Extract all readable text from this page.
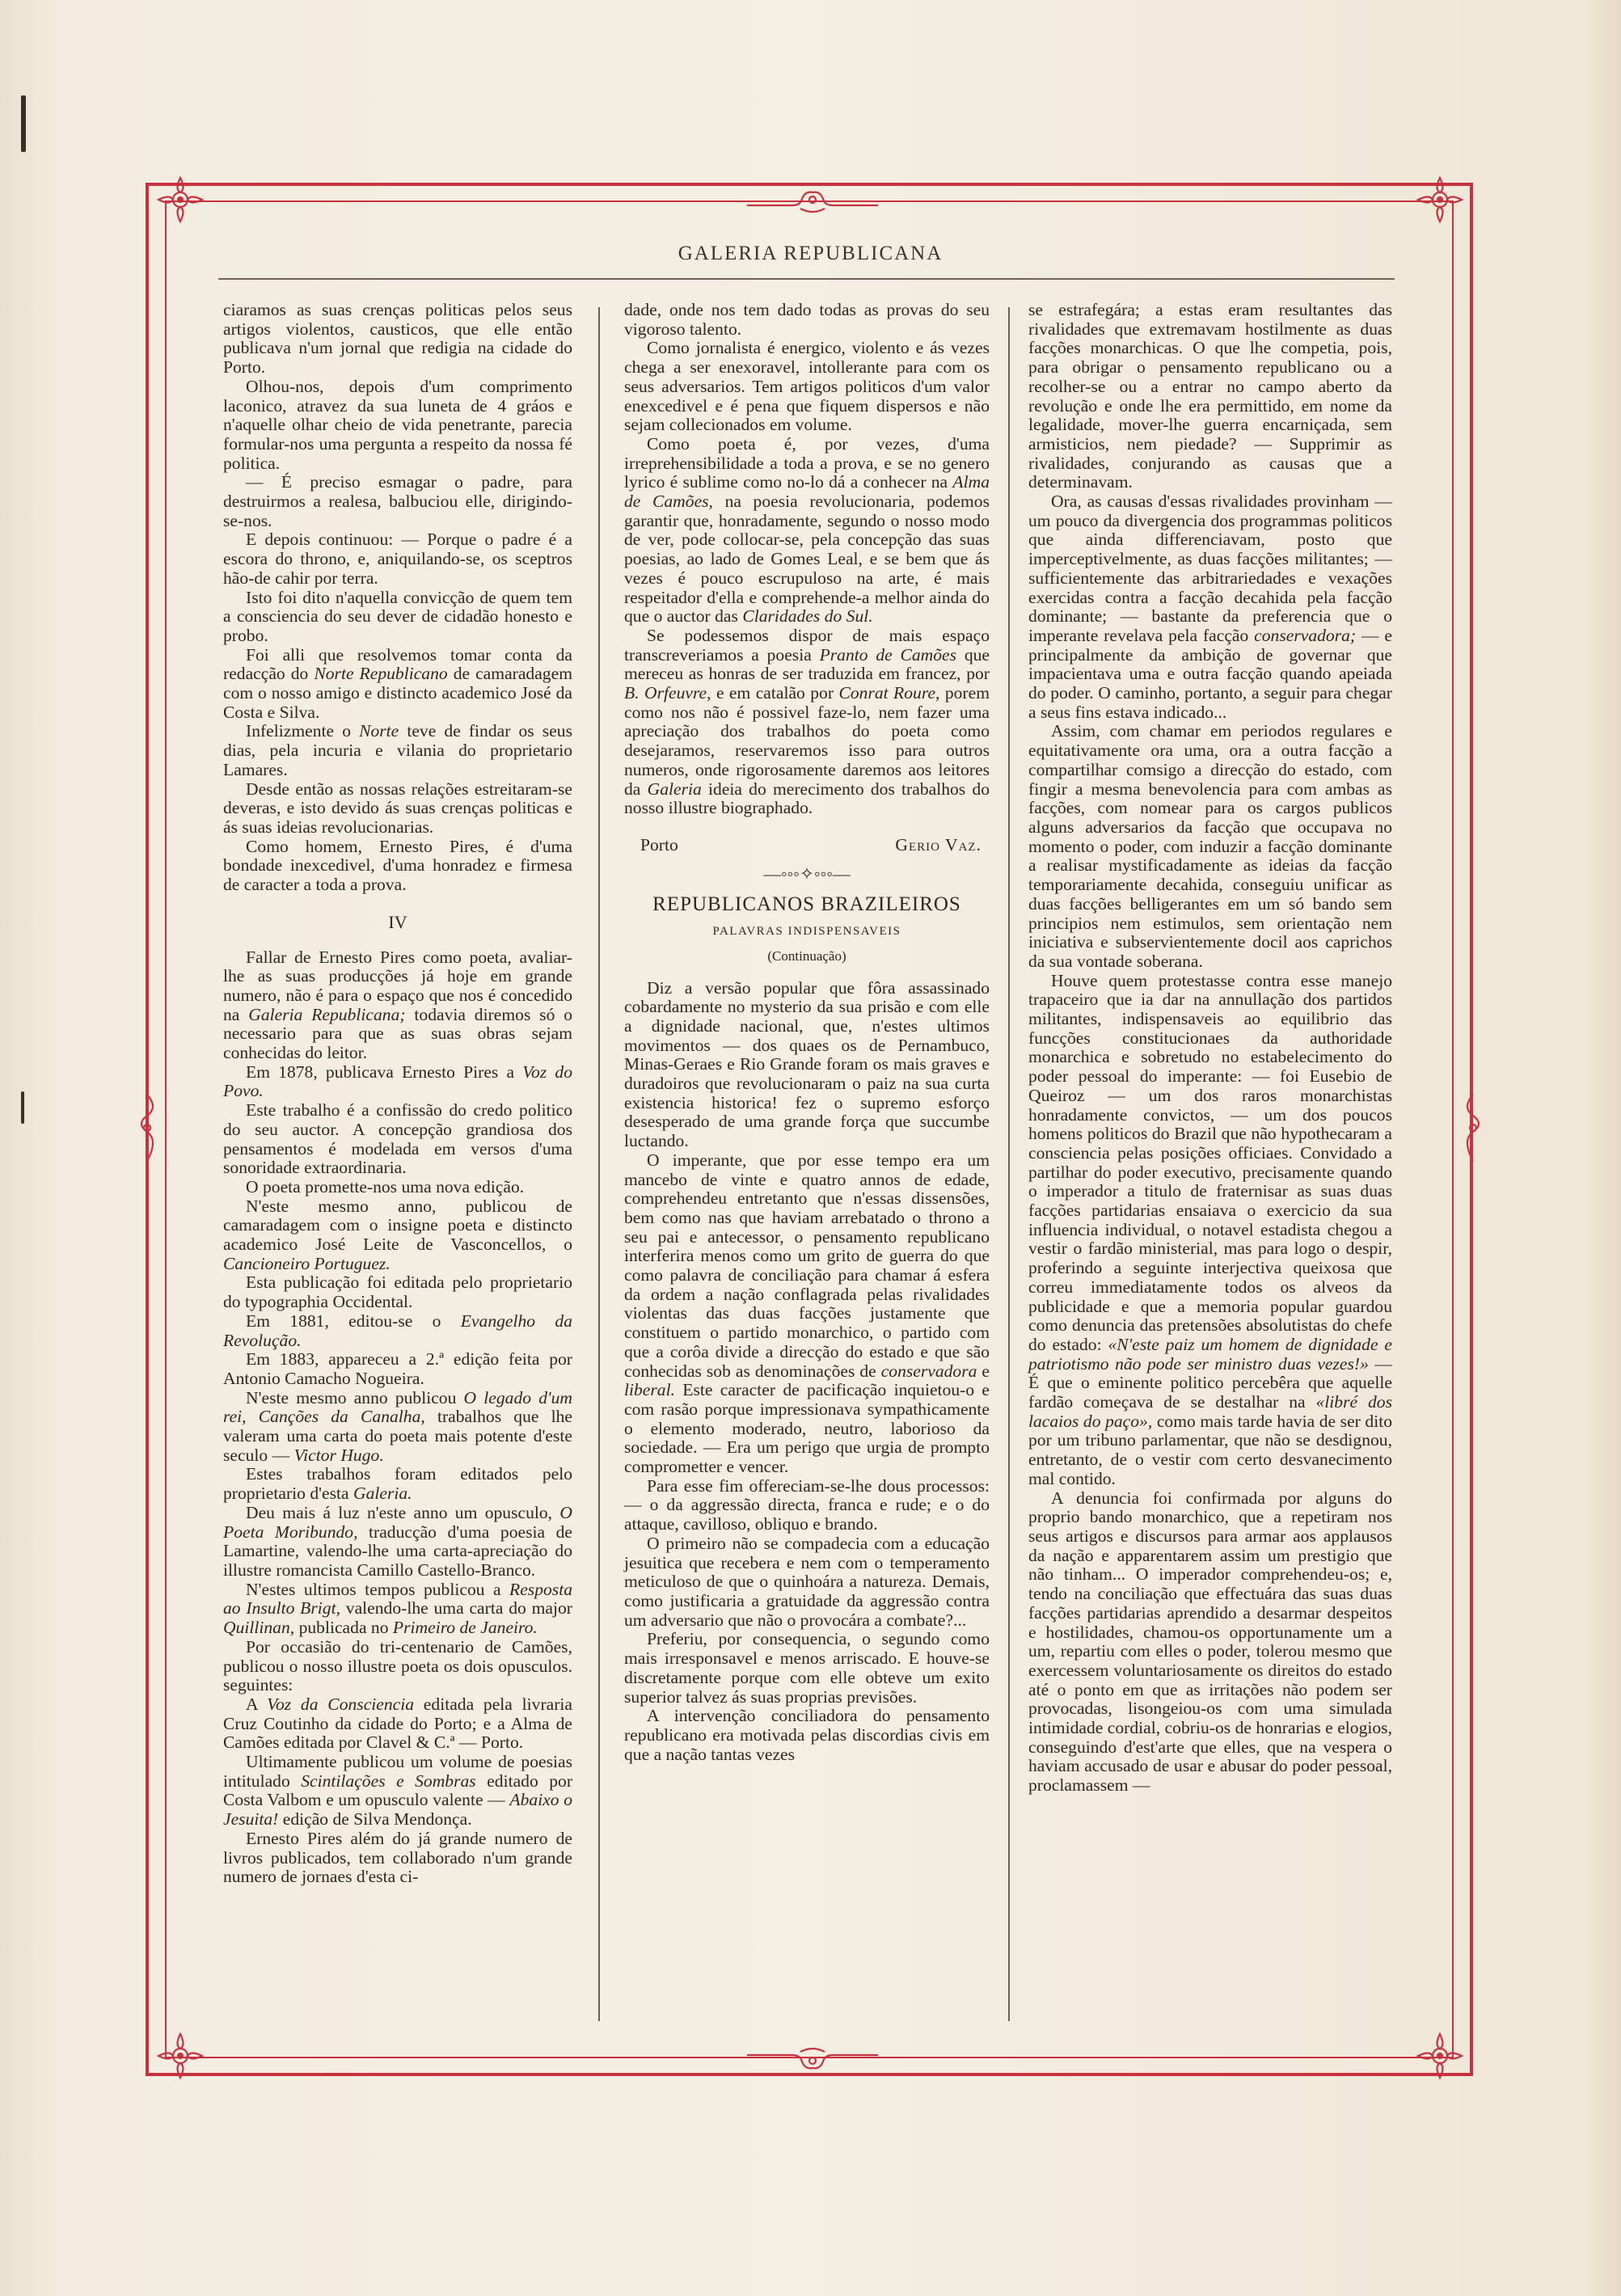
GALERIA REPUBLICANA

ciaramos as suas crenças politicas pelos seus artigos violentos, causticos, que elle então publicava n'um jornal que redigia na cidade do Porto.

Olhou-nos, depois d'um comprimento laconico, atravez da sua luneta de 4 gráos e n'aquelle olhar cheio de vida penetrante, parecia formular-nos uma pergunta a respeito da nossa fé politica.

— É preciso esmagar o padre, para destruirmos a realesa, balbuciou elle, dirigindo-se-nos.

E depois continuou: — Porque o padre é a escora do throno, e, aniquilando-se, os sceptros hão-de cahir por terra.

Isto foi dito n'aquella convicção de quem tem a consciencia do seu dever de cidadão honesto e probo.

Foi alli que resolvemos tomar conta da redacção do Norte Republicano de camaradagem com o nosso amigo e distincto academico José da Costa e Silva.

Infelizmente o Norte teve de findar os seus dias, pela incuria e vilania do proprietario Lamares.

Desde então as nossas relações estreitaram-se deveras, e isto devido ás suas crenças politicas e ás suas ideias revolucionarias.

Como homem, Ernesto Pires, é d'uma bondade inexcedivel, d'uma honradez e firmesa de caracter a toda a prova.

IV

Fallar de Ernesto Pires como poeta, avaliar-lhe as suas producções já hoje em grande numero, não é para o espaço que nos é concedido na Galeria Republicana; todavia diremos só o necessario para que as suas obras sejam conhecidas do leitor.

Em 1878, publicava Ernesto Pires a Voz do Povo.

Este trabalho é a confissão do credo politico do seu auctor. A concepção grandiosa dos pensamentos é modelada em versos d'uma sonoridade extraordinaria.

O poeta promette-nos uma nova edição.

N'este mesmo anno, publicou de camaradagem com o insigne poeta e distincto academico José Leite de Vasconcellos, o Cancioneiro Portuguez.

Esta publicação foi editada pelo proprietario do typographia Occidental.

Em 1881, editou-se o Evangelho da Revolução.

Em 1883, appareceu a 2.ª edição feita por Antonio Camacho Nogueira.

N'este mesmo anno publicou O legado d'um rei, Canções da Canalha, trabalhos que lhe valeram uma carta do poeta mais potente d'este seculo — Victor Hugo.

Estes trabalhos foram editados pelo proprietario d'esta Galeria.

Deu mais á luz n'este anno um opusculo, O Poeta Moribundo, traducção d'uma poesia de Lamartine, valendo-lhe uma carta-apreciação do illustre romancista Camillo Castello-Branco.

N'estes ultimos tempos publicou a Resposta ao Insulto Brigt, valendo-lhe uma carta do major Quillinan, publicada no Primeiro de Janeiro.

Por occasião do tri-centenario de Camões, publicou o nosso illustre poeta os dois opusculos. seguintes:

A Voz da Consciencia editada pela livraria Cruz Coutinho da cidade do Porto; e a Alma de Camões editada por Clavel & C.ª — Porto.

Ultimamente publicou um volume de poesias intitulado Scintilações e Sombras editado por Costa Valbom e um opusculo valente — Abaixo o Jesuita! edição de Silva Mendonça.

Ernesto Pires além do já grande numero de livros publicados, tem collaborado n'um grande numero de jornaes d'esta ci-

dade, onde nos tem dado todas as provas do seu vigoroso talento.

Como jornalista é energico, violento e ás vezes chega a ser enexoravel, intollerante para com os seus adversarios. Tem artigos politicos d'um valor enexcedivel e é pena que fiquem dispersos e não sejam collecionados em volume.

Como poeta é, por vezes, d'uma irreprehensibilidade a toda a prova, e se no genero lyrico é sublime como no-lo dá a conhecer na Alma de Camões, na poesia revolucionaria, podemos garantir que, honradamente, segundo o nosso modo de ver, pode collocar-se, pela concepção das suas poesias, ao lado de Gomes Leal, e se bem que ás vezes é pouco escrupuloso na arte, é mais respeitador d'ella e comprehende-a melhor ainda do que o auctor das Claridades do Sul.

Se podessemos dispor de mais espaço transcreveriamos a poesia Pranto de Camões que mereceu as honras de ser traduzida em francez, por B. Orfeuvre, e em catalão por Conrat Roure, porem como nos não é possivel faze-lo, nem fazer uma apreciação dos trabalhos do poeta como desejaramos, reservaremos isso para outros numeros, onde rigorosamente daremos aos leitores da Galeria ideia do merecimento dos trabalhos do nosso illustre biographado.

Porto	Gerio Vaz.

—◦◦◦✧◦◦◦—

REPUBLICANOS BRAZILEIROS

PALAVRAS INDISPENSAVEIS

(Continuação)

Diz a versão popular que fôra assassinado cobardamente no mysterio da sua prisão e com elle a dignidade nacional, que, n'estes ultimos movimentos — dos quaes os de Pernambuco, Minas-Geraes e Rio Grande foram os mais graves e duradoiros que revolucionaram o paiz na sua curta existencia historica! fez o supremo esforço desesperado de uma grande força que succumbe luctando.

O imperante, que por esse tempo era um mancebo de vinte e quatro annos de edade, comprehendeu entretanto que n'essas dissensões, bem como nas que haviam arrebatado o throno a seu pai e antecessor, o pensamento republicano interferira menos como um grito de guerra do que como palavra de conciliação para chamar á esfera da ordem a nação conflagrada pelas rivalidades violentas das duas facções justamente que constituem o partido monarchico, o partido com que a corôa divide a direcção do estado e que são conhecidas sob as denominações de conservadora e liberal. Este caracter de pacificação inquietou-o e com rasão porque impressionava sympathicamente o elemento moderado, neutro, laborioso da sociedade. — Era um perigo que urgia de prompto comprometter e vencer.

Para esse fim offereciam-se-lhe dous processos: — o da aggressão directa, franca e rude; e o do attaque, cavilloso, obliquo e brando.

O primeiro não se compadecia com a educação jesuitica que recebera e nem com o temperamento meticuloso de que o quinhoára a natureza. Demais, como justificaria a gratuidade da aggressão contra um adversario que não o provocára a combate?...

Preferiu, por consequencia, o segundo como mais irresponsavel e menos arriscado. E houve-se discretamente porque com elle obteve um exito superior talvez ás suas proprias previsões.

A intervenção conciliadora do pensamento republicano era motivada pelas discordias civis em que a nação tantas vezes

se estrafegára; a estas eram resultantes das rivalidades que extremavam hostilmente as duas facções monarchicas. O que lhe competia, pois, para obrigar o pensamento republicano ou a recolher-se ou a entrar no campo aberto da revolução e onde lhe era permittido, em nome da legalidade, mover-lhe guerra encarniçada, sem armisticios, nem piedade? — Supprimir as rivalidades, conjurando as causas que a determinavam.

Ora, as causas d'essas rivalidades provinham — um pouco da divergencia dos programmas politicos que ainda differenciavam, posto que imperceptivelmente, as duas facções militantes; — sufficientemente das arbitrariedades e vexações exercidas contra a facção decahida pela facção dominante; — bastante da preferencia que o imperante revelava pela facção conservadora; — e principalmente da ambição de governar que impacientava uma e outra facção quando apeiada do poder. O caminho, portanto, a seguir para chegar a seus fins estava indicado...

Assim, com chamar em periodos regulares e equitativamente ora uma, ora a outra facção a compartilhar comsigo a direcção do estado, com fingir a mesma benevolencia para com ambas as facções, com nomear para os cargos publicos alguns adversarios da facção que occupava no momento o poder, com induzir a facção dominante a realisar mystificadamente as ideias da facção temporariamente decahida, conseguiu unificar as duas facções belligerantes em um só bando sem principios nem estimulos, sem orientação nem iniciativa e subservientemente docil aos caprichos da sua vontade soberana.

Houve quem protestasse contra esse manejo trapaceiro que ia dar na annullação dos partidos militantes, indispensaveis ao equilibrio das funcções constitucionaes da authoridade monarchica e sobretudo no estabelecimento do poder pessoal do imperante: — foi Eusebio de Queiroz — um dos raros monarchistas honradamente convictos, — um dos poucos homens politicos do Brazil que não hypothecaram a consciencia pelas posições officiaes. Convidado a partilhar do poder executivo, precisamente quando o imperador a titulo de fraternisar as suas duas facções partidarias ensaiava o exercicio da sua influencia individual, o notavel estadista chegou a vestir o fardão ministerial, mas para logo o despir, proferindo a seguinte interjectiva queixosa que correu immediatamente todos os alveos da publicidade e que a memoria popular guardou como denuncia das pretensões absolutistas do chefe do estado: «N'este paiz um homem de dignidade e patriotismo não pode ser ministro duas vezes!» — É que o eminente politico percebêra que aquelle fardão começava de se destalhar na «libré dos lacaios do paço», como mais tarde havia de ser dito por um tribuno parlamentar, que não se desdignou, entretanto, de o vestir com certo desvanecimento mal contido.

A denuncia foi confirmada por alguns do proprio bando monarchico, que a repetiram nos seus artigos e discursos para armar aos applausos da nação e apparentarem assim um prestigio que não tinham... O imperador comprehendeu-os; e, tendo na conciliação que effectuára das suas duas facções partidarias aprendido a desarmar despeitos e hostilidades, chamou-os opportunamente um a um, repartiu com elles o poder, tolerou mesmo que exercessem voluntariosamente os direitos do estado até o ponto em que as irritações não podem ser provocadas, lisongeiou-os com uma simulada intimidade cordial, cobriu-os de honrarias e elogios, conseguindo d'est'arte que elles, que na vespera o haviam accusado de usar e abusar do poder pessoal, proclamassem —
